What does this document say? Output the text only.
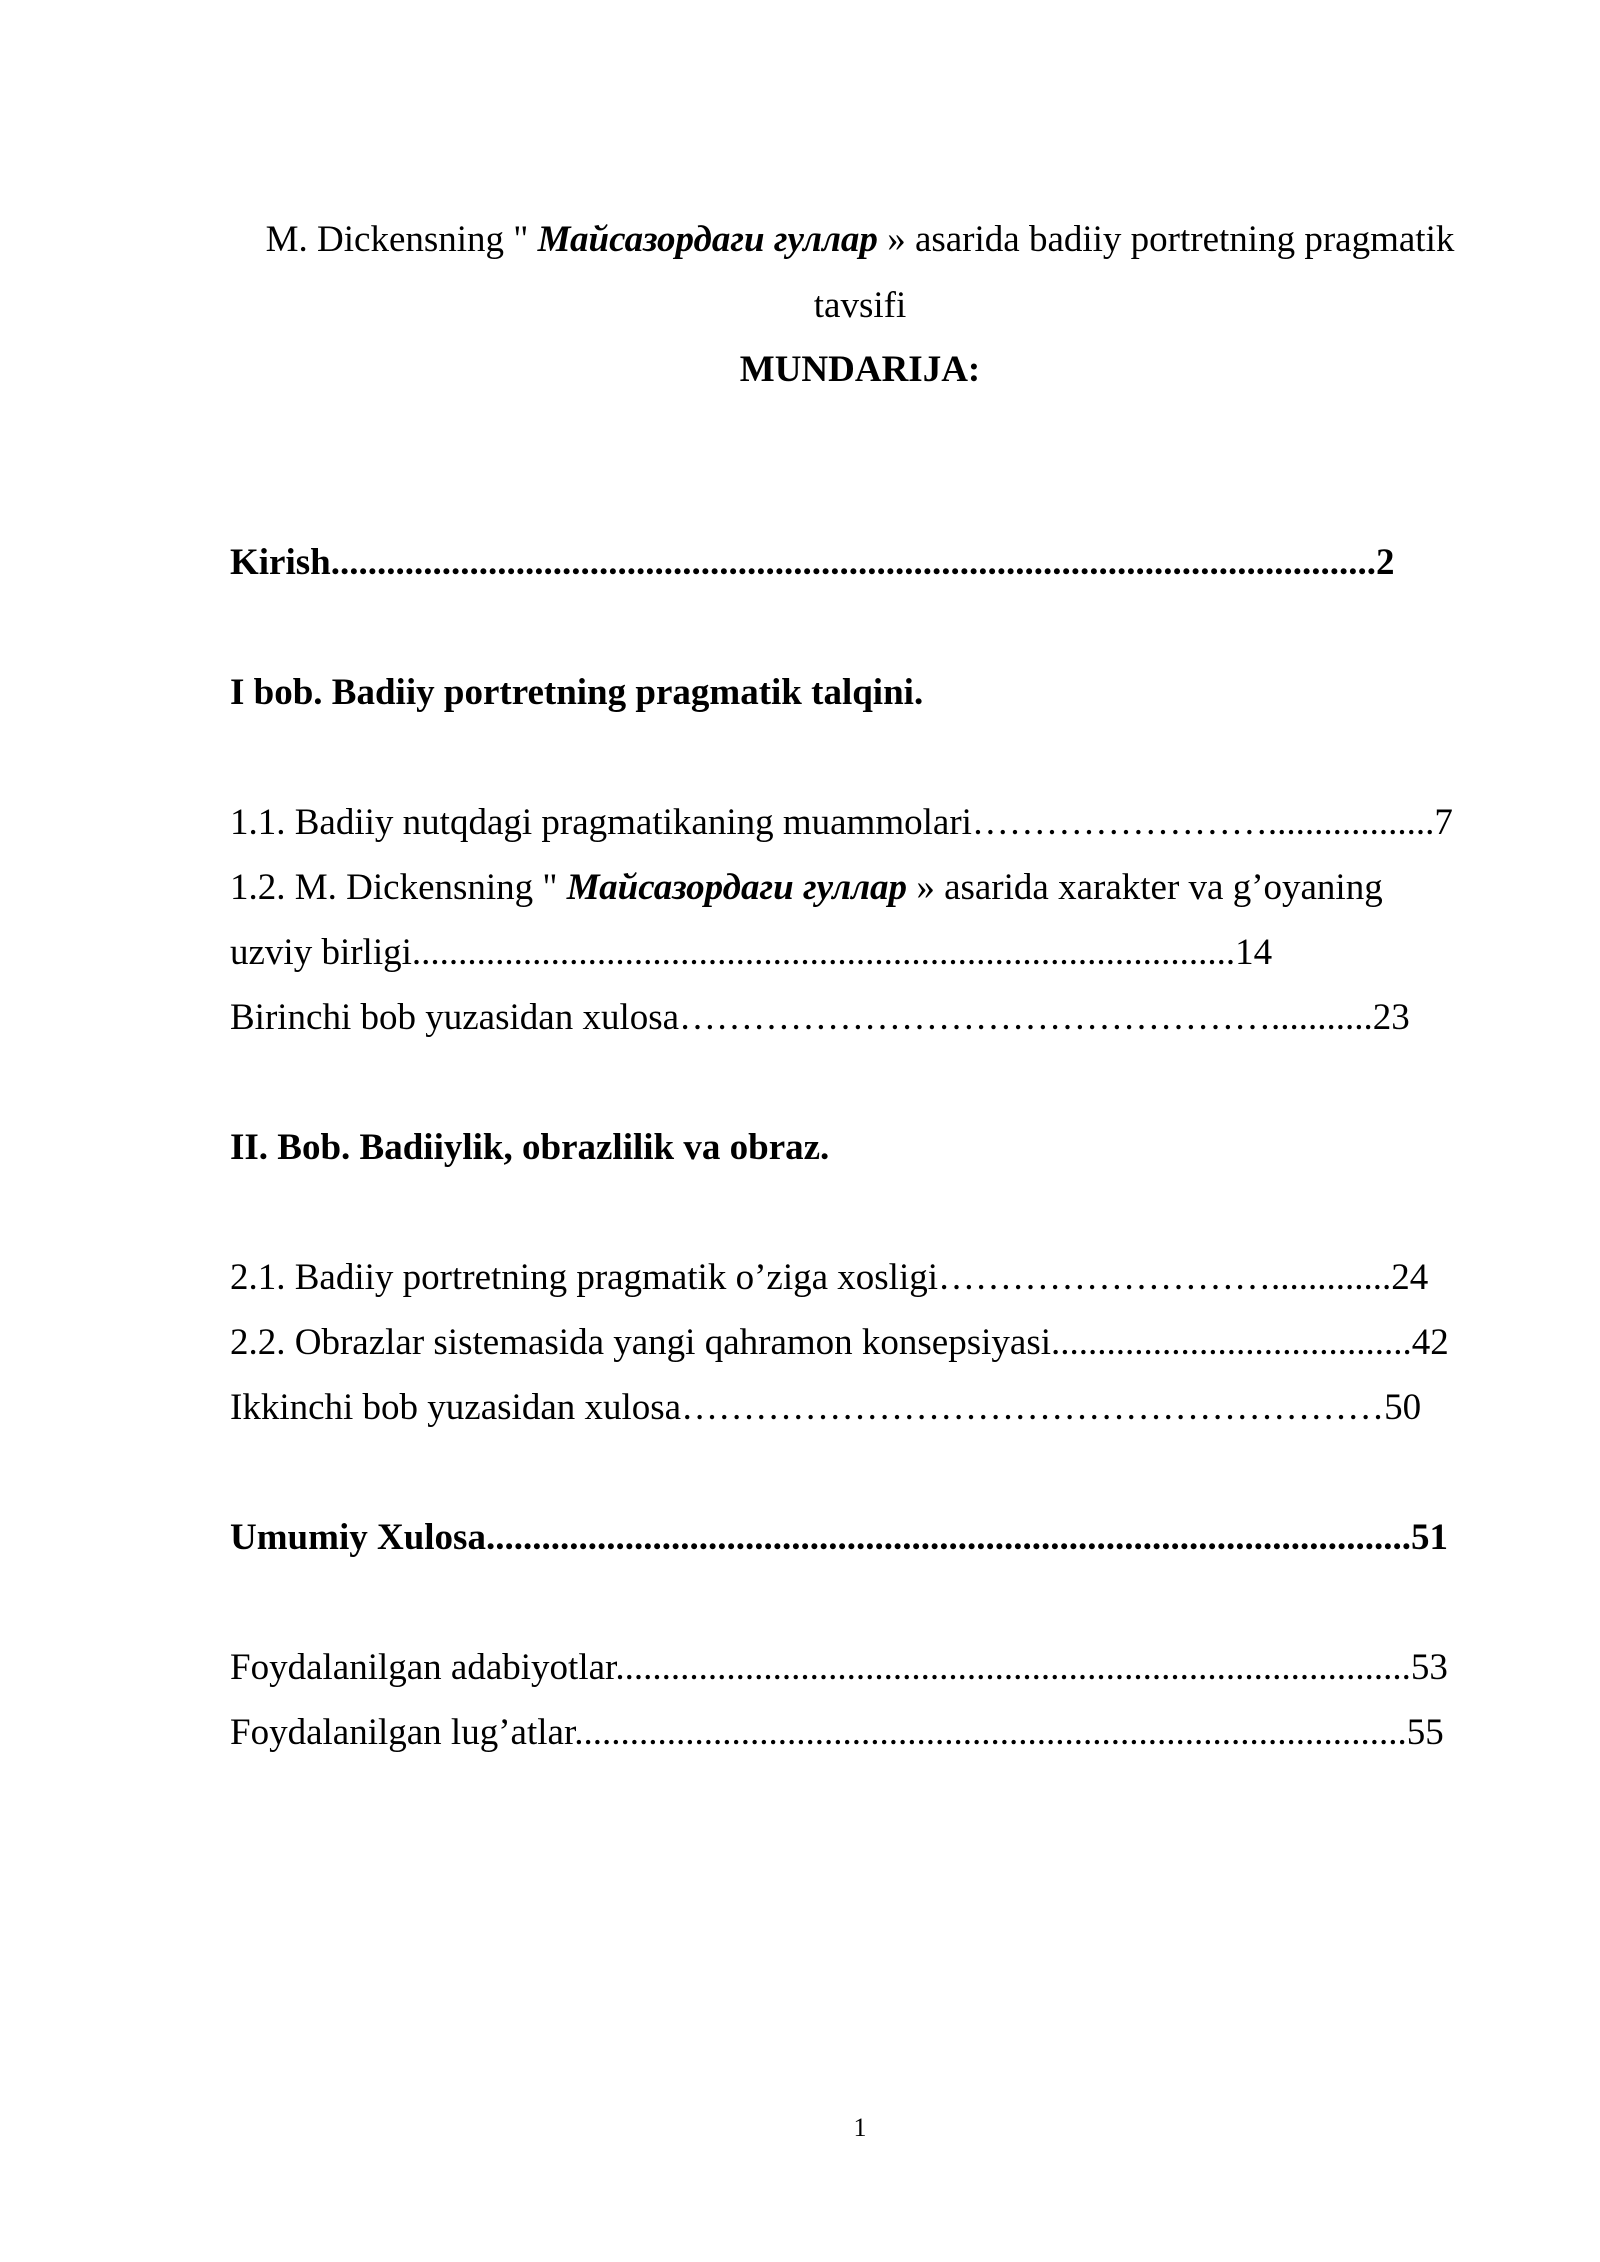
M. Dickensning " Майсазордаги гуллар » asarida badiiy portretning pragmatik
tavsifi
MUNDARIJA:
Kirish.................................................................................................................2
I bob. Badiiy portretning pragmatik talqini.
1.1. Badiiy nutqdagi pragmatikaning muammolari……………………..................7
1.2. M. Dickensning " Майсазордаги гуллар » asarida xarakter va g’oyaning
uzviy birligi.........................................................................................14
Birinchi bob yuzasidan xulosa…………………………………………...........23
II. Bob. Badiiylik, obrazlilik va obraz.
2.1. Badiiy portretning pragmatik o’ziga xosligi……………………….............24
2.2. Obrazlar sistemasida yangi qahramon konsepsiyasi.......................................42
Ikkinchi bob yuzasidan xulosa…………………………………………………50
Umumiy Xulosa....................................................................................................51
Foydalanilgan adabiyotlar......................................................................................53
Foydalanilgan lug’atlar..........................................................................................55
1
